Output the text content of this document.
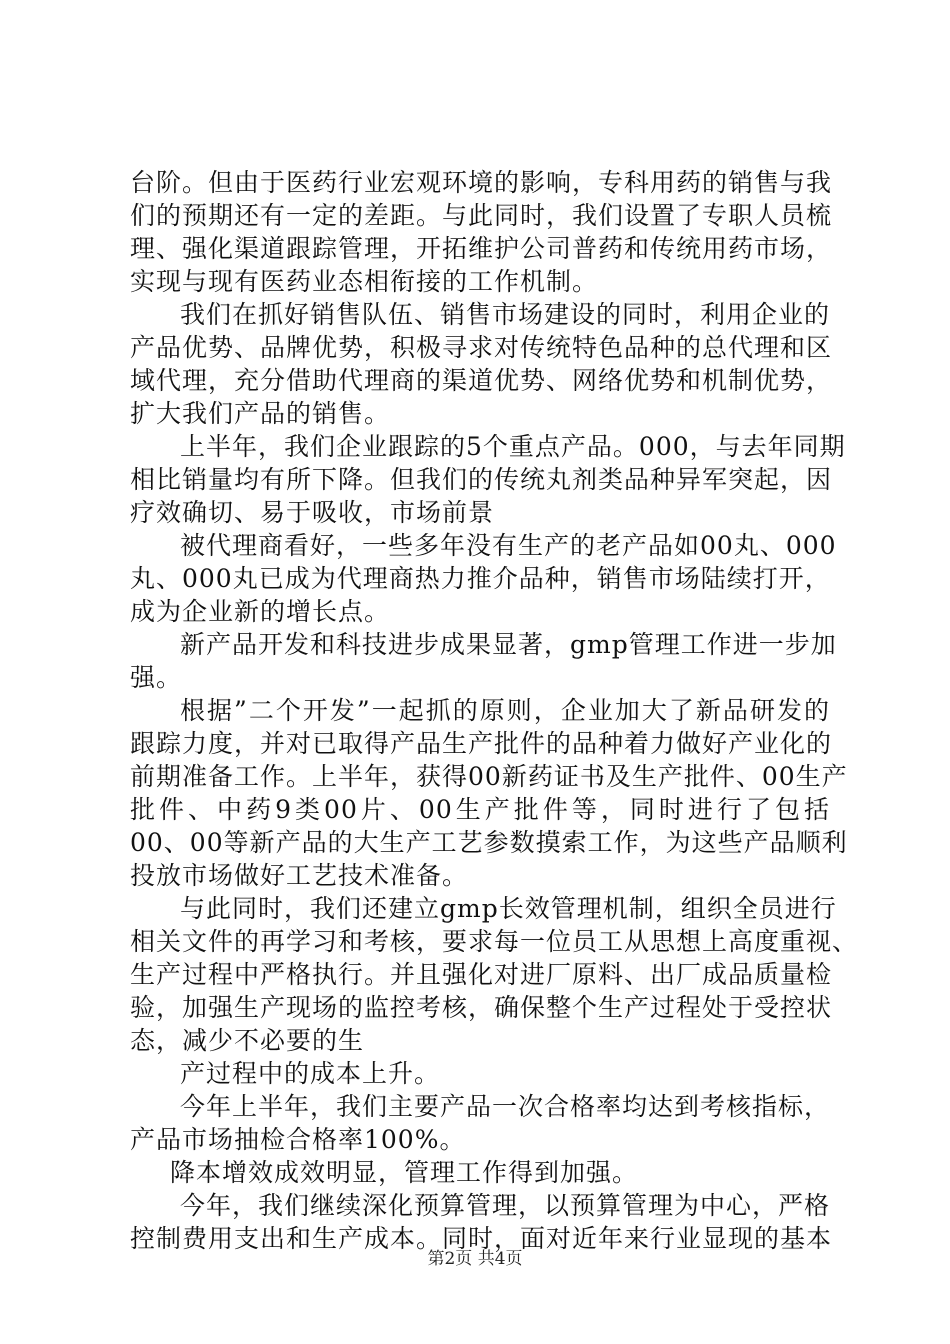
台阶。但由于医药行业宏观环境的影响，专科用药的销售与我
们的预期还有一定的差距。与此同时，我们设置了专职人员梳
理、强化渠道跟踪管理，开拓维护公司普药和传统用药市场，
实现与现有医药业态相衔接的工作机制。
我们在抓好销售队伍、销售市场建设的同时，利用企业的
产品优势、品牌优势，积极寻求对传统特色品种的总代理和区
域代理，充分借助代理商的渠道优势、网络优势和机制优势，
扩大我们产品的销售。
上半年，我们企业跟踪的5个重点产品。000，与去年同期
相比销量均有所下降。但我们的传统丸剂类品种异军突起，因
疗效确切、易于吸收，市场前景
被代理商看好，一些多年没有生产的老产品如00丸、000
丸、000丸已成为代理商热力推介品种，销售市场陆续打开，
成为企业新的增长点。
新产品开发和科技进步成果显著，gmp管理工作进一步加
强。
根据”二个开发”一起抓的原则，企业加大了新品研发的
跟踪力度，并对已取得产品生产批件的品种着力做好产业化的
前期准备工作。上半年，获得00新药证书及生产批件、00生产
批件、中药9类00片、00生产批件等，同时进行了包括
00、00等新产品的大生产工艺参数摸索工作，为这些产品顺利
投放市场做好工艺技术准备。
与此同时，我们还建立gmp长效管理机制，组织全员进行
相关文件的再学习和考核，要求每一位员工从思想上高度重视、
生产过程中严格执行。并且强化对进厂原料、出厂成品质量检
验，加强生产现场的监控考核，确保整个生产过程处于受控状
态，减少不必要的生
产过程中的成本上升。
今年上半年，我们主要产品一次合格率均达到考核指标，
产品市场抽检合格率100%。
降本增效成效明显，管理工作得到加强。
今年，我们继续深化预算管理，以预算管理为中心，严格
控制费用支出和生产成本。同时，面对近年来行业显现的基本
第2页 共4页
